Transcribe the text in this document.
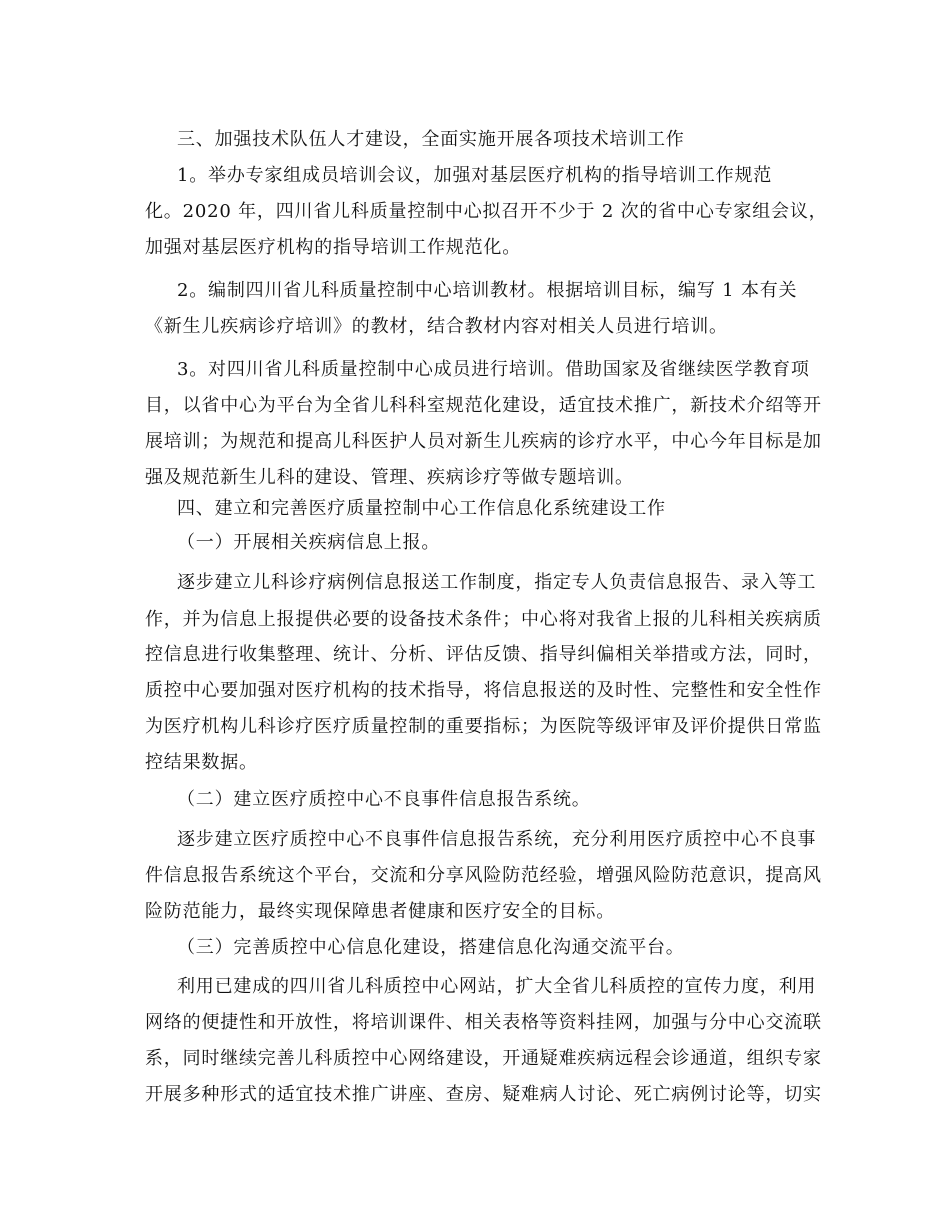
三、加强技术队伍人才建设，全面实施开展各项技术培训工作
1。举办专家组成员培训会议，加强对基层医疗机构的指导培训工作规范
化。2020 年，四川省儿科质量控制中心拟召开不少于 2 次的省中心专家组会议，
加强对基层医疗机构的指导培训工作规范化。
2。编制四川省儿科质量控制中心培训教材。根据培训目标，编写 1 本有关
《新生儿疾病诊疗培训》的教材，结合教材内容对相关人员进行培训。
3。对四川省儿科质量控制中心成员进行培训。借助国家及省继续医学教育项
目，以省中心为平台为全省儿科科室规范化建设，适宜技术推广，新技术介绍等开
展培训；为规范和提高儿科医护人员对新生儿疾病的诊疗水平，中心今年目标是加
强及规范新生儿科的建设、管理、疾病诊疗等做专题培训。
四、建立和完善医疗质量控制中心工作信息化系统建设工作
（一）开展相关疾病信息上报。
逐步建立儿科诊疗病例信息报送工作制度，指定专人负责信息报告、录入等工
作，并为信息上报提供必要的设备技术条件；中心将对我省上报的儿科相关疾病质
控信息进行收集整理、统计、分析、评估反馈、指导纠偏相关举措或方法，同时，
质控中心要加强对医疗机构的技术指导，将信息报送的及时性、完整性和安全性作
为医疗机构儿科诊疗医疗质量控制的重要指标；为医院等级评审及评价提供日常监
控结果数据。
（二）建立医疗质控中心不良事件信息报告系统。
逐步建立医疗质控中心不良事件信息报告系统，充分利用医疗质控中心不良事
件信息报告系统这个平台，交流和分享风险防范经验，增强风险防范意识，提高风
险防范能力，最终实现保障患者健康和医疗安全的目标。
（三）完善质控中心信息化建设，搭建信息化沟通交流平台。
利用已建成的四川省儿科质控中心网站，扩大全省儿科质控的宣传力度，利用
网络的便捷性和开放性，将培训课件、相关表格等资料挂网，加强与分中心交流联
系，同时继续完善儿科质控中心网络建设，开通疑难疾病远程会诊通道，组织专家
开展多种形式的适宜技术推广讲座、查房、疑难病人讨论、死亡病例讨论等，切实
